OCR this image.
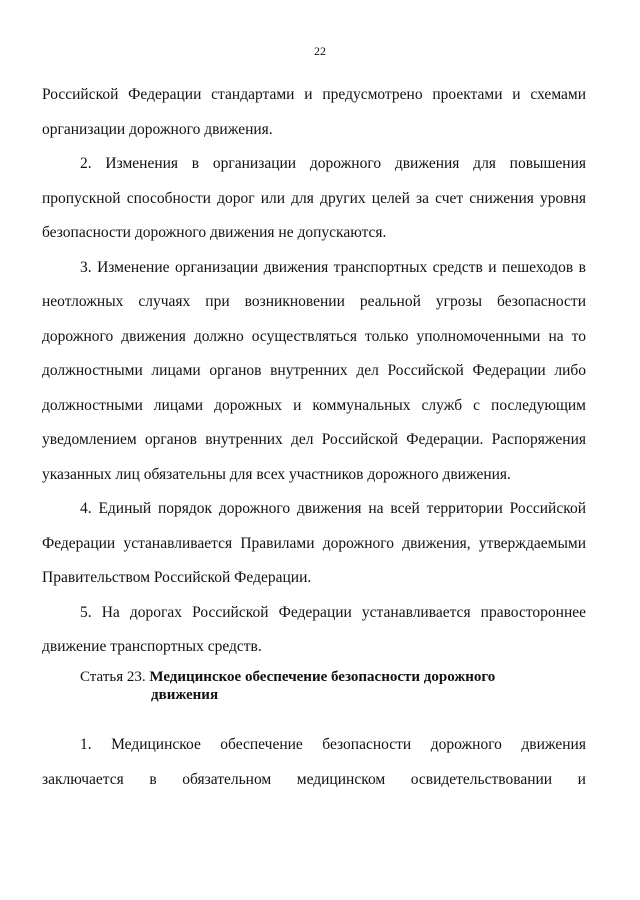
22

Российской Федерации стандартами и предусмотрено проектами и схемами организации дорожного движения.

2. Изменения в организации дорожного движения для повышения пропускной способности дорог или для других целей за счет снижения уровня безопасности дорожного движения не допускаются.

3. Изменение организации движения транспортных средств и пешеходов в неотложных случаях при возникновении реальной угрозы безопасности дорожного движения должно осуществляться только уполномоченными на то должностными лицами органов внутренних дел Российской Федерации либо должностными лицами дорожных и коммунальных служб с последующим уведомлением органов внутренних дел Российской Федерации. Распоряжения указанных лиц обязательны для всех участников дорожного движения.

4. Единый порядок дорожного движения на всей территории Российской Федерации устанавливается Правилами дорожного движения, утверждаемыми Правительством Российской Федерации.

5. На дорогах Российской Федерации устанавливается правостороннее движение транспортных средств.

Статья 23. Медицинское обеспечение безопасности дорожного
движения
1. Медицинское обеспечение безопасности дорожного движения
заключается в обязательном медицинском освидетельствовании и
